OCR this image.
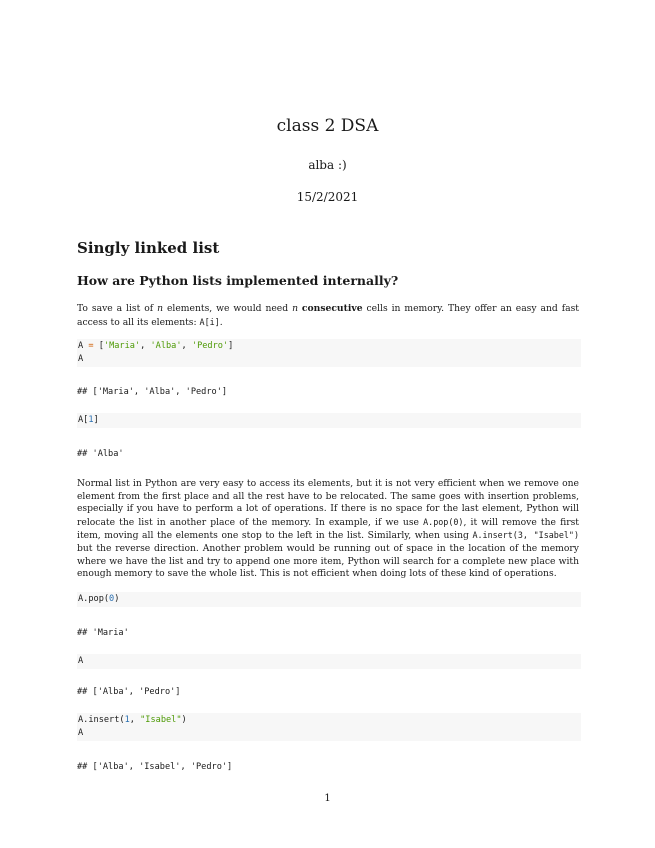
class 2 DSA
alba :)
15/2/2021
Singly linked list
How are Python lists implemented internally?
To save a list of n elements, we would need n consecutive cells in memory. They offer an easy and fast access to all its elements: A[i].
A = ['Maria', 'Alba', 'Pedro']
A
## ['Maria', 'Alba', 'Pedro']
A[1]
## 'Alba'
Normal list in Python are very easy to access its elements, but it is not very efficient when we remove one element from the first place and all the rest have to be relocated. The same goes with insertion problems, especially if you have to perform a lot of operations. If there is no space for the last element, Python will relocate the list in another place of the memory. In example, if we use A.pop(0), it will remove the first item, moving all the elements one stop to the left in the list. Similarly, when using A.insert(3, "Isabel") but the reverse direction. Another problem would be running out of space in the location of the memory where we have the list and try to append one more item, Python will search for a complete new place with enough memory to save the whole list. This is not efficient when doing lots of these kind of operations.
A.pop(0)
## 'Maria'
A
## ['Alba', 'Pedro']
A.insert(1, "Isabel")
A
## ['Alba', 'Isabel', 'Pedro']
1
